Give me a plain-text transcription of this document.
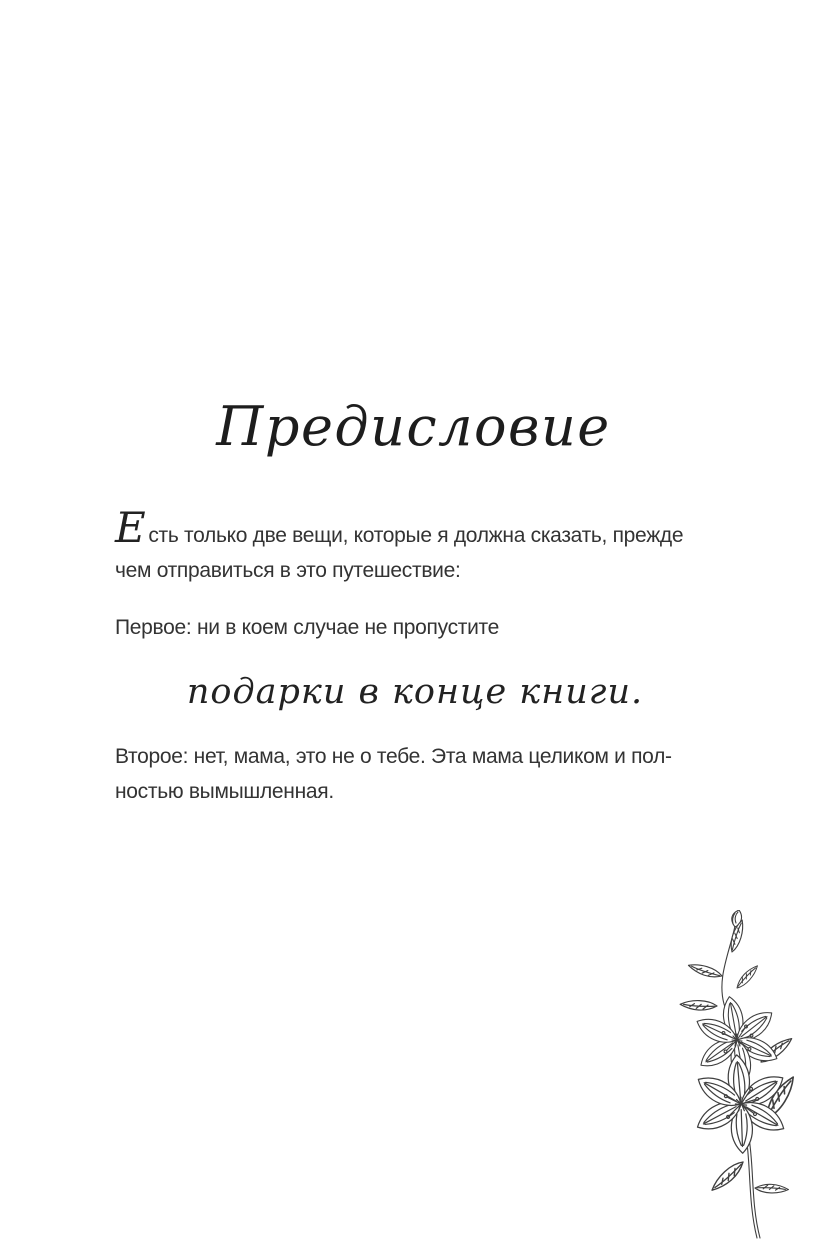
Предисловие

Есть только две вещи, которые я должна сказать, прежде
чем отправиться в это путешествие:

Первое: ни в коем случае не пропустите

подарки в конце книги.

Второе: нет, мама, это не о тебе. Эта мама целиком и пол-
ностью вымышленная.
